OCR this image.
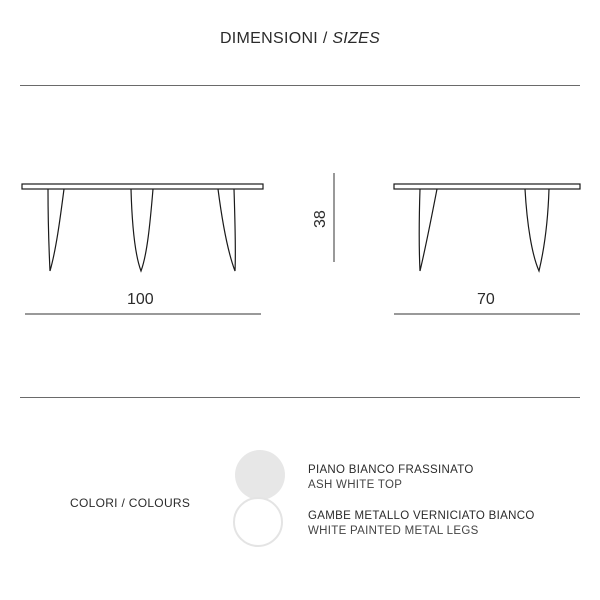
DIMENSIONI / SIZES
100	70
38
COLORI / COLOURS
PIANO BIANCO FRASSINATO
ASH WHITE TOP
GAMBE METALLO VERNICIATO BIANCO
WHITE PAINTED METAL LEGS
